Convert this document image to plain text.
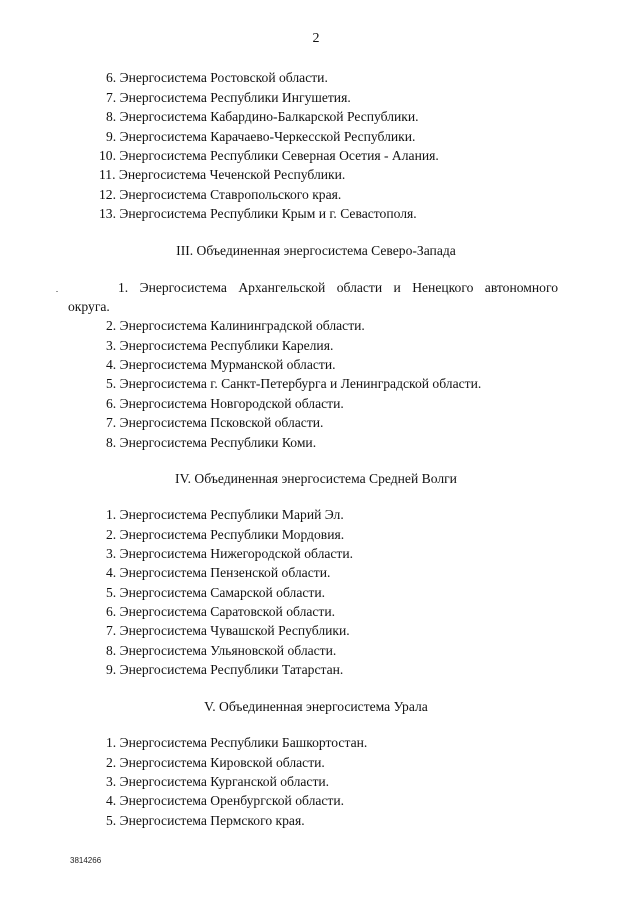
2
6. Энергосистема Ростовской области.
7. Энергосистема Республики Ингушетия.
8. Энергосистема Кабардино-Балкарской Республики.
9. Энергосистема Карачаево-Черкесской Республики.
10. Энергосистема Республики Северная Осетия - Алания.
11. Энергосистема Чеченской Республики.
12. Энергосистема Ставропольского края.
13. Энергосистема Республики Крым и г. Севастополя.
III. Объединенная энергосистема Северо-Запада
1. Энергосистема Архангельской области и Ненецкого автономного
округа.
2. Энергосистема Калининградской области.
3. Энергосистема Республики Карелия.
4. Энергосистема Мурманской области.
5. Энергосистема г. Санкт-Петербурга и Ленинградской области.
6. Энергосистема Новгородской области.
7. Энергосистема Псковской области.
8. Энергосистема Республики Коми.
IV. Объединенная энергосистема Средней Волги
1. Энергосистема Республики Марий Эл.
2. Энергосистема Республики Мордовия.
3. Энергосистема Нижегородской области.
4. Энергосистема Пензенской области.
5. Энергосистема Самарской области.
6. Энергосистема Саратовской области.
7. Энергосистема Чувашской Республики.
8. Энергосистема Ульяновской области.
9. Энергосистема Республики Татарстан.
V. Объединенная энергосистема Урала
1. Энергосистема Республики Башкортостан.
2. Энергосистема Кировской области.
3. Энергосистема Курганской области.
4. Энергосистема Оренбургской области.
5. Энергосистема Пермского края.
3814266
